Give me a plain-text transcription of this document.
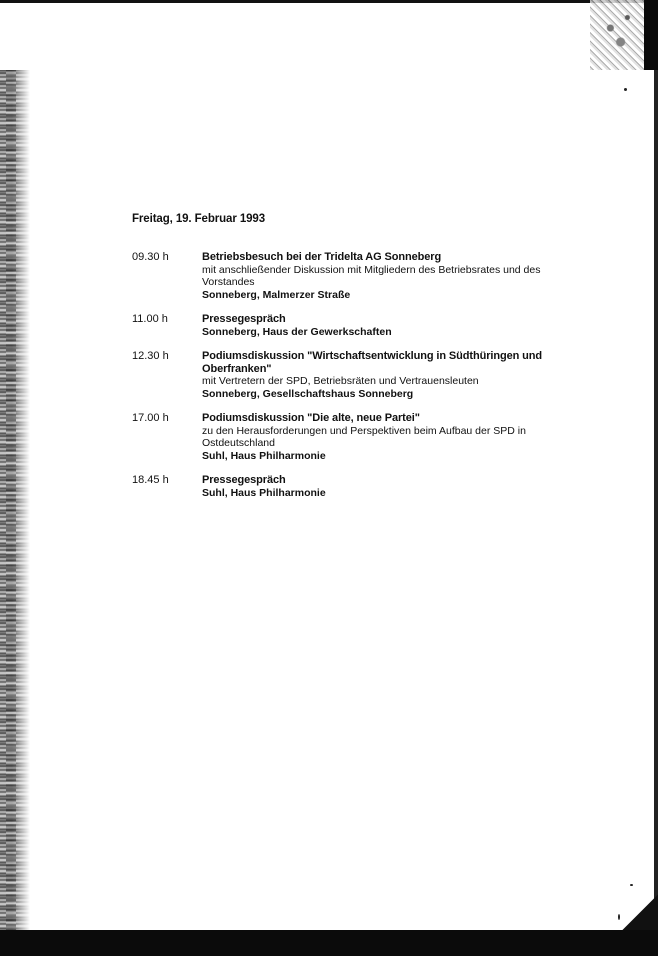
Freitag, 19. Februar 1993
09.30 h	Betriebsbesuch bei der Tridelta AG Sonneberg
mit anschließender Diskussion mit Mitgliedern des Betriebsrates und des Vorstandes
Sonneberg, Malmerzer Straße
11.00 h	Pressegespräch
Sonneberg, Haus der Gewerkschaften
12.30 h	Podiumsdiskussion "Wirtschaftsentwicklung in Südthüringen und Oberfranken"
mit Vertretern der SPD, Betriebsräten und Vertrauensleuten
Sonneberg, Gesellschaftshaus Sonneberg
17.00 h	Podiumsdiskussion "Die alte, neue Partei"
zu den Herausforderungen und Perspektiven beim Aufbau der SPD in Ostdeutschland
Suhl, Haus Philharmonie
18.45 h	Pressegespräch
Suhl, Haus Philharmonie
